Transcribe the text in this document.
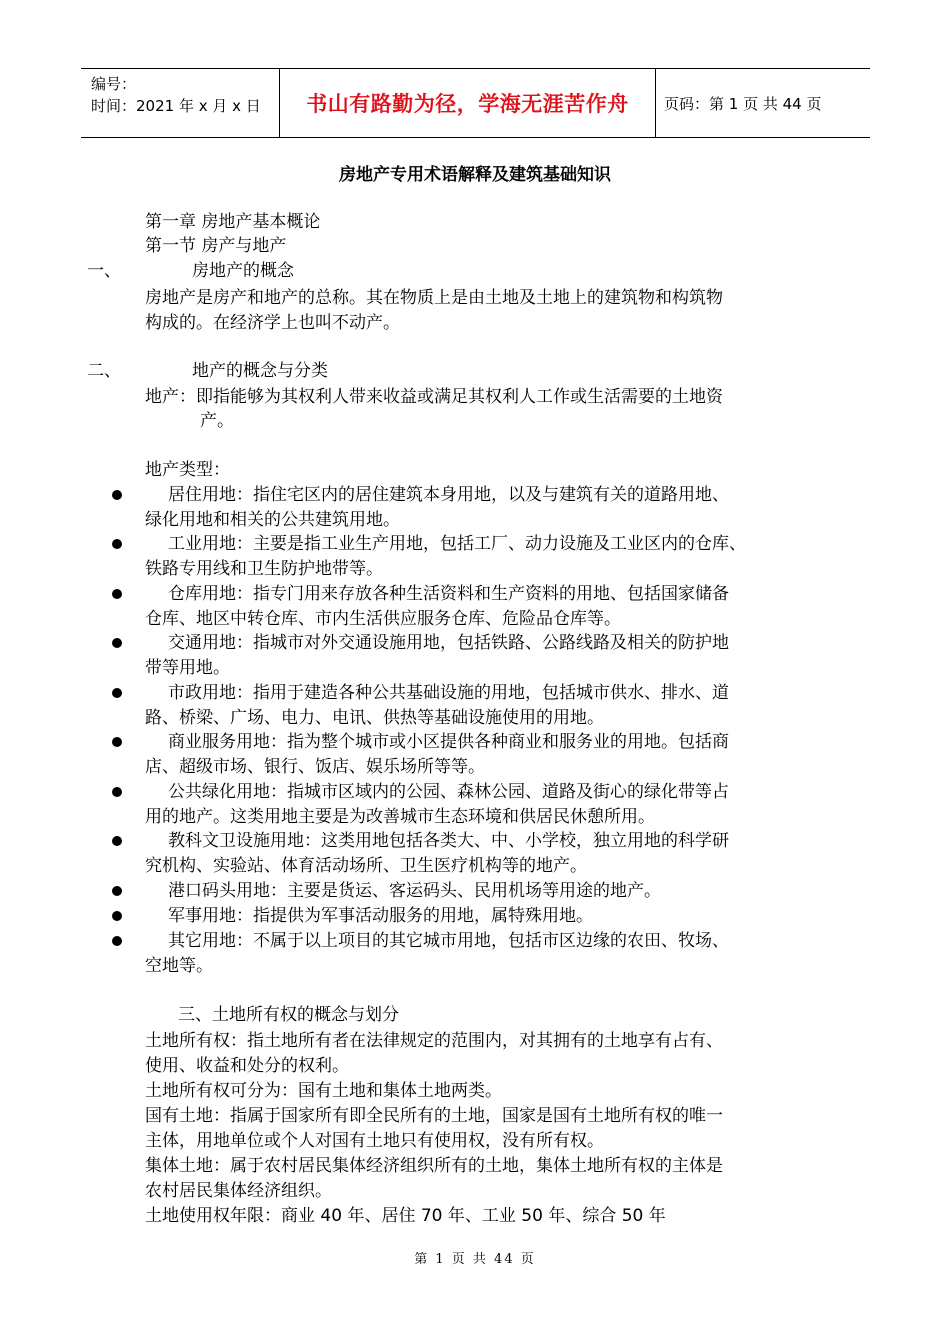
编号：
时间：2021 年 x 月 x 日	书山有路勤为径，学海无涯苦作舟 页码：第 1 页 共 44 页
房地产专用术语解释及建筑基础知识
第一章 房地产基本概论
第一节 房产与地产
一、	房地产的概念
房地产是房产和地产的总称。其在物质上是由土地及土地上的建筑物和构筑物
构成的。在经济学上也叫不动产。
二、	地产的概念与分类
地产：即指能够为其权利人带来收益或满足其权利人工作或生活需要的土地资
产。
地产类型：
居住用地：指住宅区内的居住建筑本身用地，以及与建筑有关的道路用地、
绿化用地和相关的公共建筑用地。
工业用地：主要是指工业生产用地，包括工厂、动力设施及工业区内的仓库、
铁路专用线和卫生防护地带等。
仓库用地：指专门用来存放各种生活资料和生产资料的用地、包括国家储备
仓库、地区中转仓库、市内生活供应服务仓库、危险品仓库等。
交通用地：指城市对外交通设施用地，包括铁路、公路线路及相关的防护地
带等用地。
市政用地：指用于建造各种公共基础设施的用地，包括城市供水、排水、道
路、桥梁、广场、电力、电讯、供热等基础设施使用的用地。
商业服务用地：指为整个城市或小区提供各种商业和服务业的用地。包括商
店、超级市场、银行、饭店、娱乐场所等等。
公共绿化用地：指城市区域内的公园、森林公园、道路及街心的绿化带等占
用的地产。这类用地主要是为改善城市生态环境和供居民休憩所用。
教科文卫设施用地：这类用地包括各类大、中、小学校，独立用地的科学研
究机构、实验站、体育活动场所、卫生医疗机构等的地产。
港口码头用地：主要是货运、客运码头、民用机场等用途的地产。
军事用地：指提供为军事活动服务的用地，属特殊用地。
其它用地：不属于以上项目的其它城市用地，包括市区边缘的农田、牧场、
空地等。
三、土地所有权的概念与划分
土地所有权：指土地所有者在法律规定的范围内，对其拥有的土地享有占有、
使用、收益和处分的权利。
土地所有权可分为：国有土地和集体土地两类。
国有土地：指属于国家所有即全民所有的土地，国家是国有土地所有权的唯一
主体，用地单位或个人对国有土地只有使用权，没有所有权。
集体土地：属于农村居民集体经济组织所有的土地，集体土地所有权的主体是
农村居民集体经济组织。
土地使用权年限：商业 40 年、居住 70 年、工业 50 年、综合 50 年
第 1 页 共 44 页
